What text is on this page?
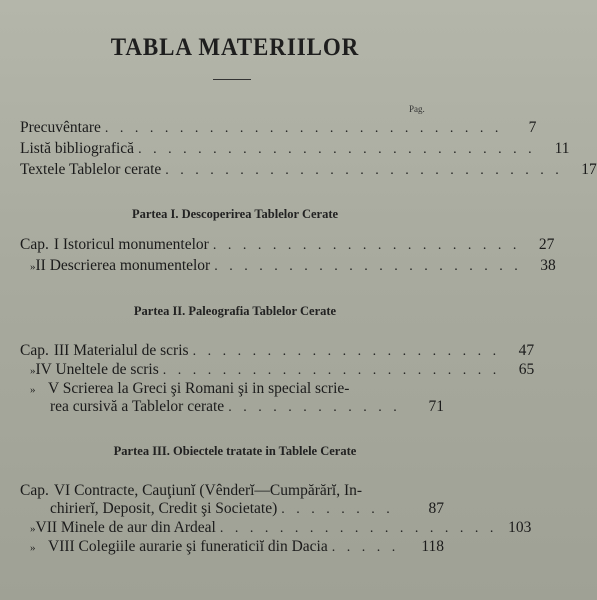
TABLA MATERIILOR
Pag.
Precuvêntare . . . . . . . . . . . . . . . . . . . . . . . . . . .	7
Listă bibliografică . . . . . . . . . . . . . . . . . . . . . . . . . . .	11
Textele Tablelor cerate . . . . . . . . . . . . . . . . . . . . . . . . . . .	17
Partea I. Descoperirea Tablelor Cerate
Cap. I Istoricul monumentelor . . . . . . . . . . . . . . . . . . . . .	27
» II Descrierea monumentelor . . . . . . . . . . . . . . . . . . . . .	38
Partea II. Paleografia Tablelor Cerate
Cap. III Materialul de scris . . . . . . . . . . . . . . . . . . . . .	47
» IV Uneltele de scris . . . . . . . . . . . . . . . . . . . . . . .	65
» V Scrierea la Greci şi Romani şi in special scrie-
rea cursivă a Tablelor cerate . . . . . . . . . . . .	71
Partea III. Obiectele tratate in Tablele Cerate
Cap. VI Contracte, Cauţiunĭ (Vênderĭ—Cumpărărĭ, In-
chirierĭ, Deposit, Credit şi Societate) . . . . . . . .	87
» VII Minele de aur din Ardeal . . . . . . . . . . . . . . . . . . . 103
» VIII Colegiile aurarie şi funeraticiĭ din Dacia . . . . .	118
